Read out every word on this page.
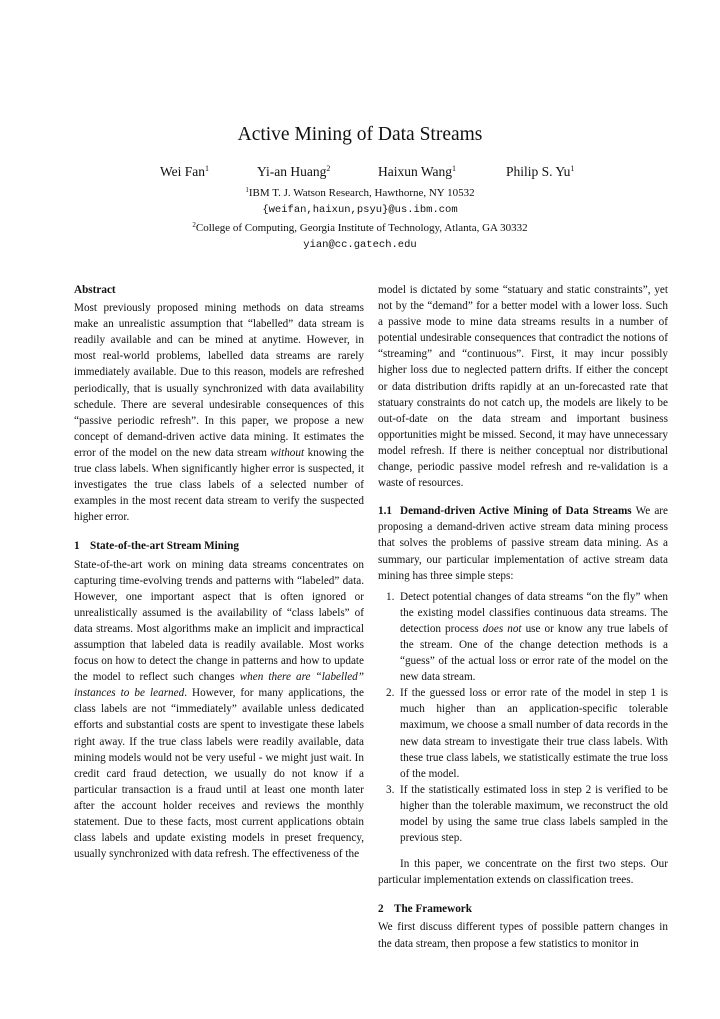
Active Mining of Data Streams
Wei Fan$^1$	Yi-an Huang$^2$	Haixun Wang$^1$	Philip S. Yu$^1$
$^1$IBM T. J. Watson Research, Hawthorne, NY 10532
{weifan,haixun,psyu}@us.ibm.com
$^2$College of Computing, Georgia Institute of Technology, Atlanta, GA 30332
yian@cc.gatech.edu
Abstract

Most previously proposed mining methods on data streams make an unrealistic assumption that “labelled” data stream is readily available and can be mined at anytime. However, in most real-world problems, labelled data streams are rarely immediately available. Due to this reason, models are refreshed periodically, that is usually synchronized with data availability schedule. There are several undesirable consequences of this “passive periodic refresh”. In this paper, we propose a new concept of demand-driven active data mining. It estimates the error of the model on the new data stream without knowing the true class labels. When significantly higher error is suspected, it investigates the true class labels of a selected number of examples in the most recent data stream to verify the suspected higher error.

1 State-of-the-art Stream Mining

State-of-the-art work on mining data streams concentrates on capturing time-evolving trends and patterns with “labeled” data. However, one important aspect that is often ignored or unrealistically assumed is the availability of “class labels” of data streams. Most algorithms make an implicit and impractical assumption that labeled data is readily available. Most works focus on how to detect the change in patterns and how to update the model to reflect such changes when there are “labelled” instances to be learned. However, for many applications, the class labels are not “immediately” available unless dedicated efforts and substantial costs are spent to investigate these labels right away. If the true class labels were readily available, data mining models would not be very useful - we might just wait. In credit card fraud detection, we usually do not know if a particular transaction is a fraud until at least one month later after the account holder receives and reviews the monthly statement. Due to these facts, most current applications obtain class labels and update existing models in preset frequency, usually synchronized with data refresh. The effectiveness of the

model is dictated by some “statuary and static constraints”, yet not by the “demand” for a better model with a lower loss. Such a passive mode to mine data streams results in a number of potential undesirable consequences that contradict the notions of “streaming” and “continuous”. First, it may incur possibly higher loss due to neglected pattern drifts. If either the concept or data distribution drifts rapidly at an un-forecasted rate that statuary constraints do not catch up, the models are likely to be out-of-date on the data stream and important business opportunities might be missed. Second, it may have unnecessary model refresh. If there is neither conceptual nor distributional change, periodic passive model refresh and re-validation is a waste of resources.

1.1 Demand-driven Active Mining of Data Streams We are proposing a demand-driven active stream data mining process that solves the problems of passive stream data mining. As a summary, our particular implementation of active stream data mining has three simple steps:

1. Detect potential changes of data streams “on the fly” when the existing model classifies continuous data streams. The detection process does not use or know any true labels of the stream. One of the change detection methods is a “guess” of the actual loss or error rate of the model on the new data stream.
2. If the guessed loss or error rate of the model in step 1 is much higher than an application-specific tolerable maximum, we choose a small number of data records in the new data stream to investigate their true class labels. With these true class labels, we statistically estimate the true loss of the model.
3. If the statistically estimated loss in step 2 is verified to be higher than the tolerable maximum, we reconstruct the old model by using the same true class labels sampled in the previous step.

In this paper, we concentrate on the first two steps. Our particular implementation extends on classification trees.

2 The Framework

We first discuss different types of possible pattern changes in the data stream, then propose a few statistics to monitor in
